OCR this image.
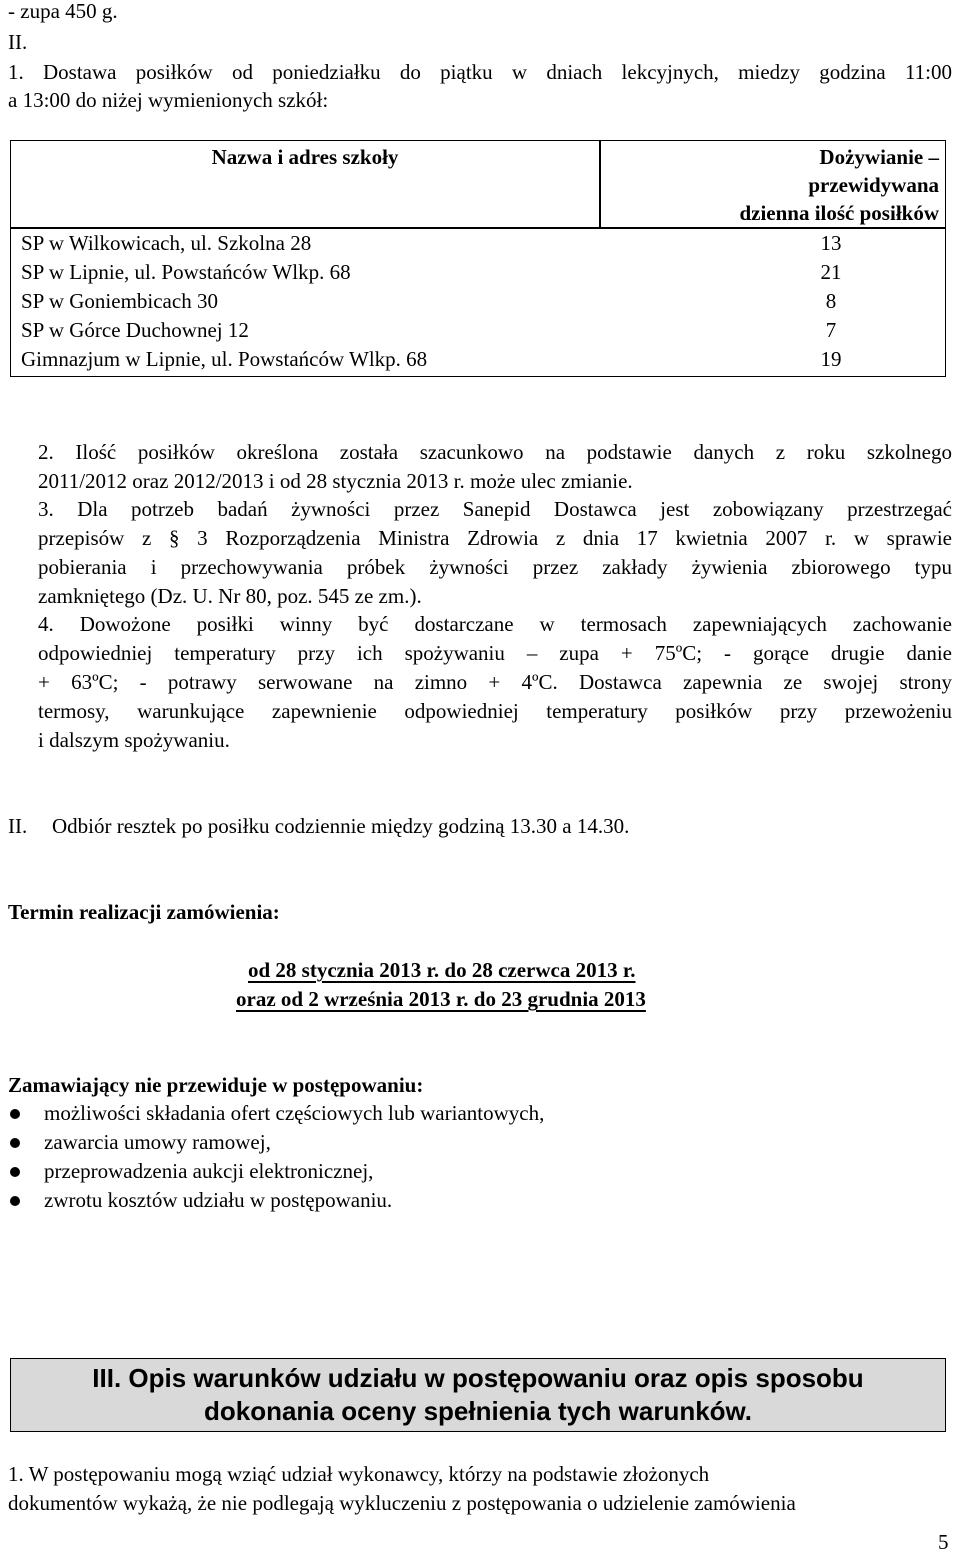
- zupa 450 g.
II.
1. Dostawa posiłków od poniedziałku do piątku w dniach lekcyjnych, miedzy godzina 11:00
a 13:00 do niżej wymienionych szkół:
Nazwa i adres szkoły	Dożywianie –
przewidywana
dzienna ilość posiłków
SP w Wilkowicach, ul. Szkolna 28	13
SP w Lipnie, ul. Powstańców Wlkp. 68	21
SP w Goniembicach 30	8
SP w Górce Duchownej 12	7
Gimnazjum w Lipnie, ul. Powstańców Wlkp. 68	19
2. Ilość posiłków określona została szacunkowo na podstawie danych z roku szkolnego
2011/2012 oraz 2012/2013 i od 28 stycznia 2013 r. może ulec zmianie.
3. Dla potrzeb badań żywności przez Sanepid Dostawca jest zobowiązany przestrzegać
przepisów z § 3 Rozporządzenia Ministra Zdrowia z dnia 17 kwietnia 2007 r. w sprawie
pobierania i przechowywania próbek żywności przez zakłady żywienia zbiorowego typu
zamkniętego (Dz. U. Nr 80, poz. 545 ze zm.).
4. Dowożone posiłki winny być dostarczane w termosach zapewniających zachowanie
odpowiedniej temperatury przy ich spożywaniu – zupa + 75ºC; - gorące drugie danie
+ 63ºC; - potrawy serwowane na zimno + 4ºC. Dostawca zapewnia ze swojej strony
termosy, warunkujące zapewnienie odpowiedniej temperatury posiłków przy przewożeniu
i dalszym spożywaniu.
II. Odbiór resztek po posiłku codziennie między godziną 13.30 a 14.30.
Termin realizacji zamówienia:
od 28 stycznia 2013 r. do 28 czerwca 2013 r.
oraz od 2 września 2013 r. do 23 grudnia 2013
Zamawiający nie przewiduje w postępowaniu:
możliwości składania ofert częściowych lub wariantowych,
zawarcia umowy ramowej,
przeprowadzenia aukcji elektronicznej,
zwrotu kosztów udziału w postępowaniu.
III. Opis warunków udziału w postępowaniu oraz opis sposobu
dokonania oceny spełnienia tych warunków.
1. W postępowaniu mogą wziąć udział wykonawcy, którzy na podstawie złożonych
dokumentów wykażą, że nie podlegają wykluczeniu z postępowania o udzielenie zamówienia
5
